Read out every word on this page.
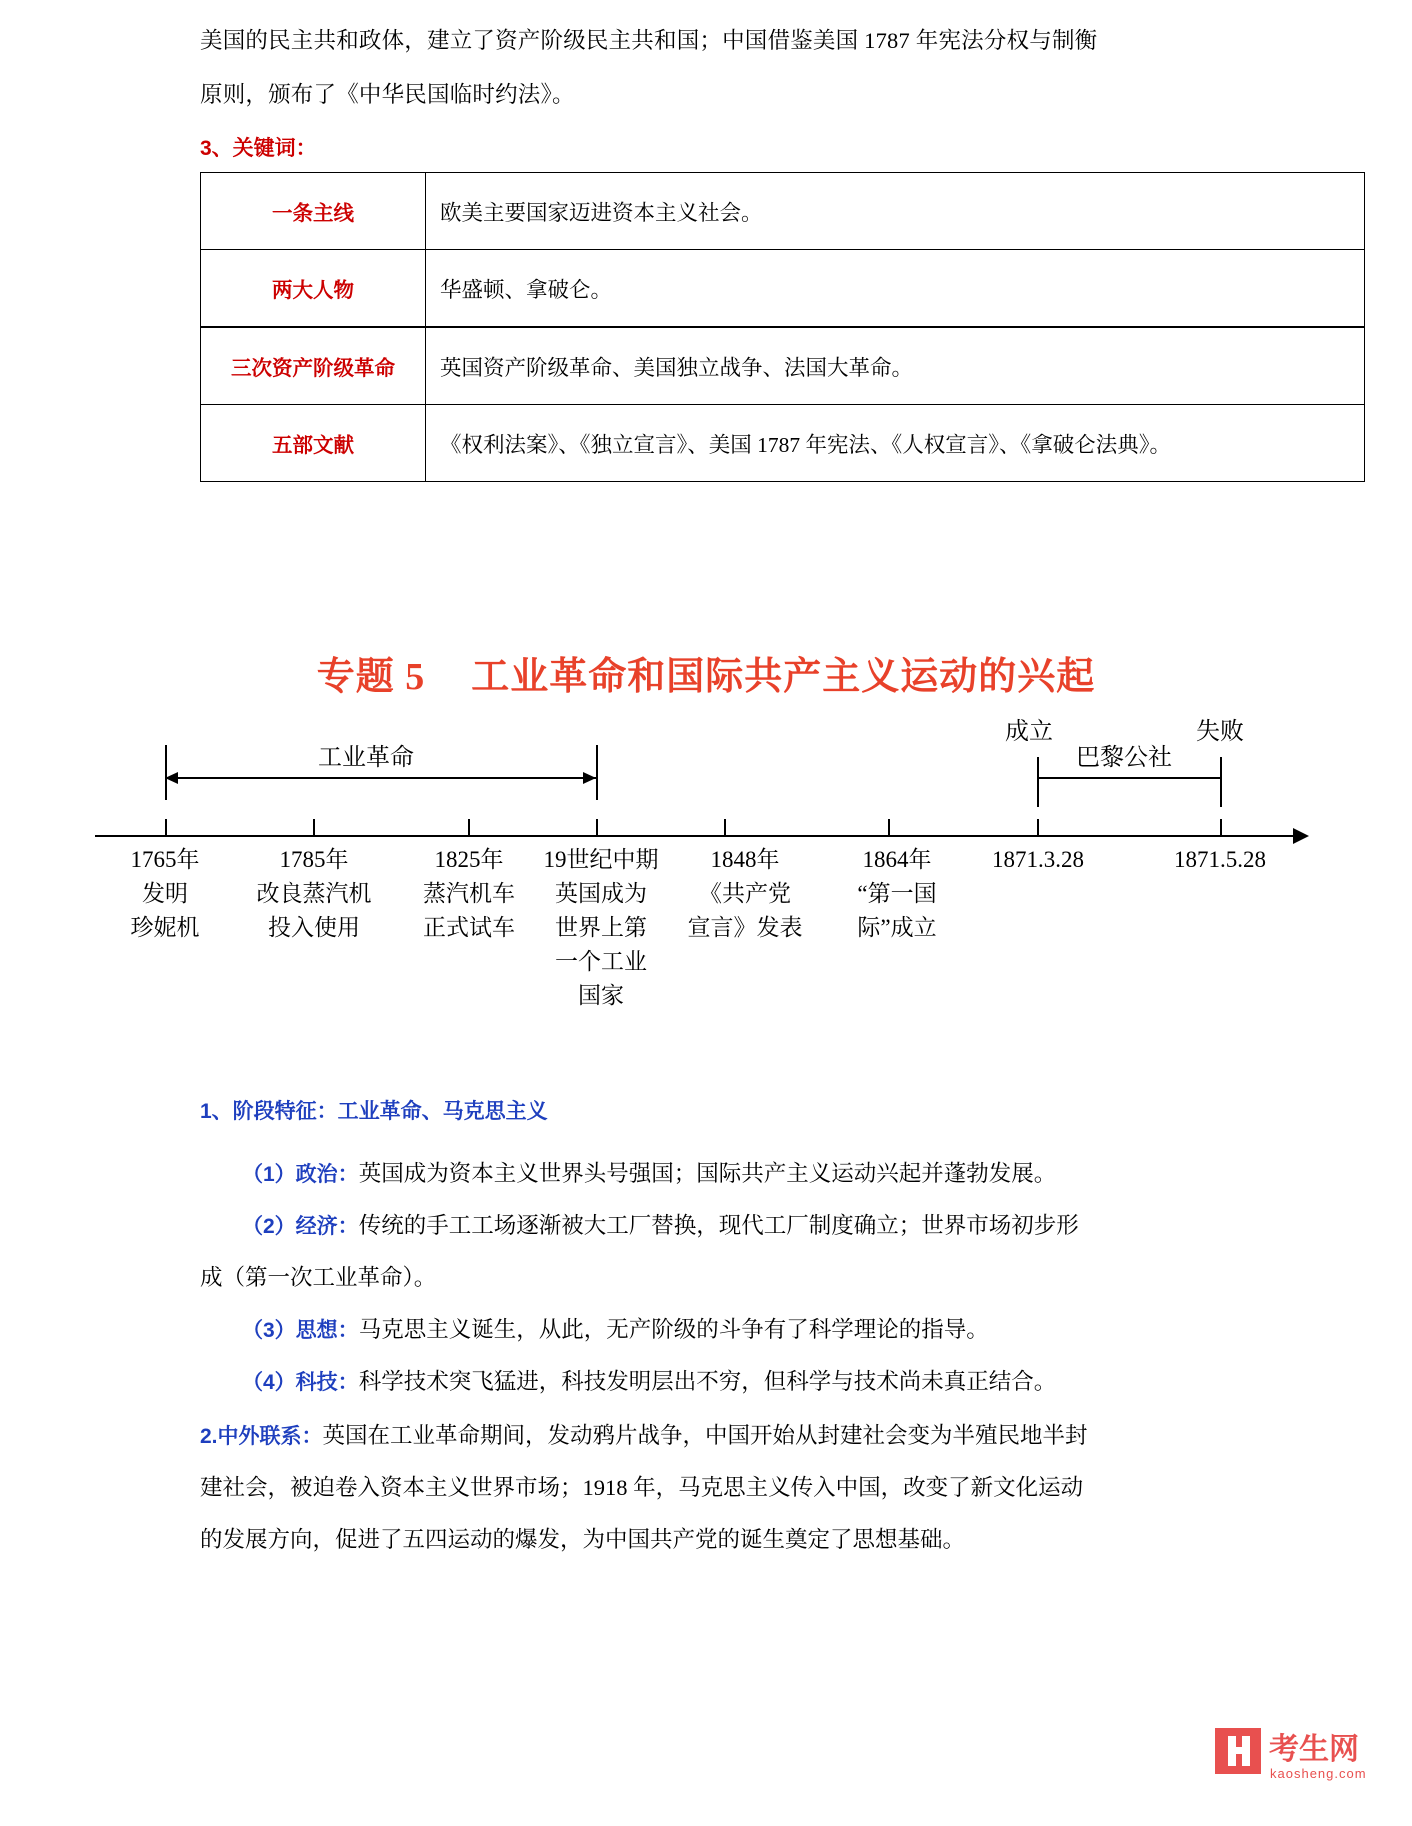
美国的民主共和政体，建立了资产阶级民主共和国；中国借鉴美国 1787 年宪法分权与制衡
原则，颁布了《中华民国临时约法》。
3、关键词：
一条主线	欧美主要国家迈进资本主义社会。
两大人物	华盛顿、拿破仑。
三次资产阶级革命	英国资产阶级革命、美国独立战争、法国大革命。
五部文献	《权利法案》、《独立宣言》、美国 1787 年宪法、《人权宣言》、《拿破仑法典》。
专题 5 工业革命和国际共产主义运动的兴起
工业革命
成立	失败
巴黎公社
1765年
发明
珍妮机
1785年
改良蒸汽机
投入使用
1825年
蒸汽机车
正式试车
19世纪中期
英国成为
世界上第
一个工业
国家
1848年
《共产党
宣言》发表
1864年
“第一国
际”成立
1871.3.28	1871.5.28
1、阶段特征：工业革命、马克思主义
（1）政治：英国成为资本主义世界头号强国；国际共产主义运动兴起并蓬勃发展。
（2）经济：传统的手工工场逐渐被大工厂替换，现代工厂制度确立；世界市场初步形
成（第一次工业革命）。
（3）思想：马克思主义诞生，从此，无产阶级的斗争有了科学理论的指导。
（4）科技：科学技术突飞猛进，科技发明层出不穷，但科学与技术尚未真正结合。
2.中外联系：英国在工业革命期间，发动鸦片战争，中国开始从封建社会变为半殖民地半封
建社会，被迫卷入资本主义世界市场；1918 年，马克思主义传入中国，改变了新文化运动
的发展方向，促进了五四运动的爆发，为中国共产党的诞生奠定了思想基础。
考生网
kaosheng.com
